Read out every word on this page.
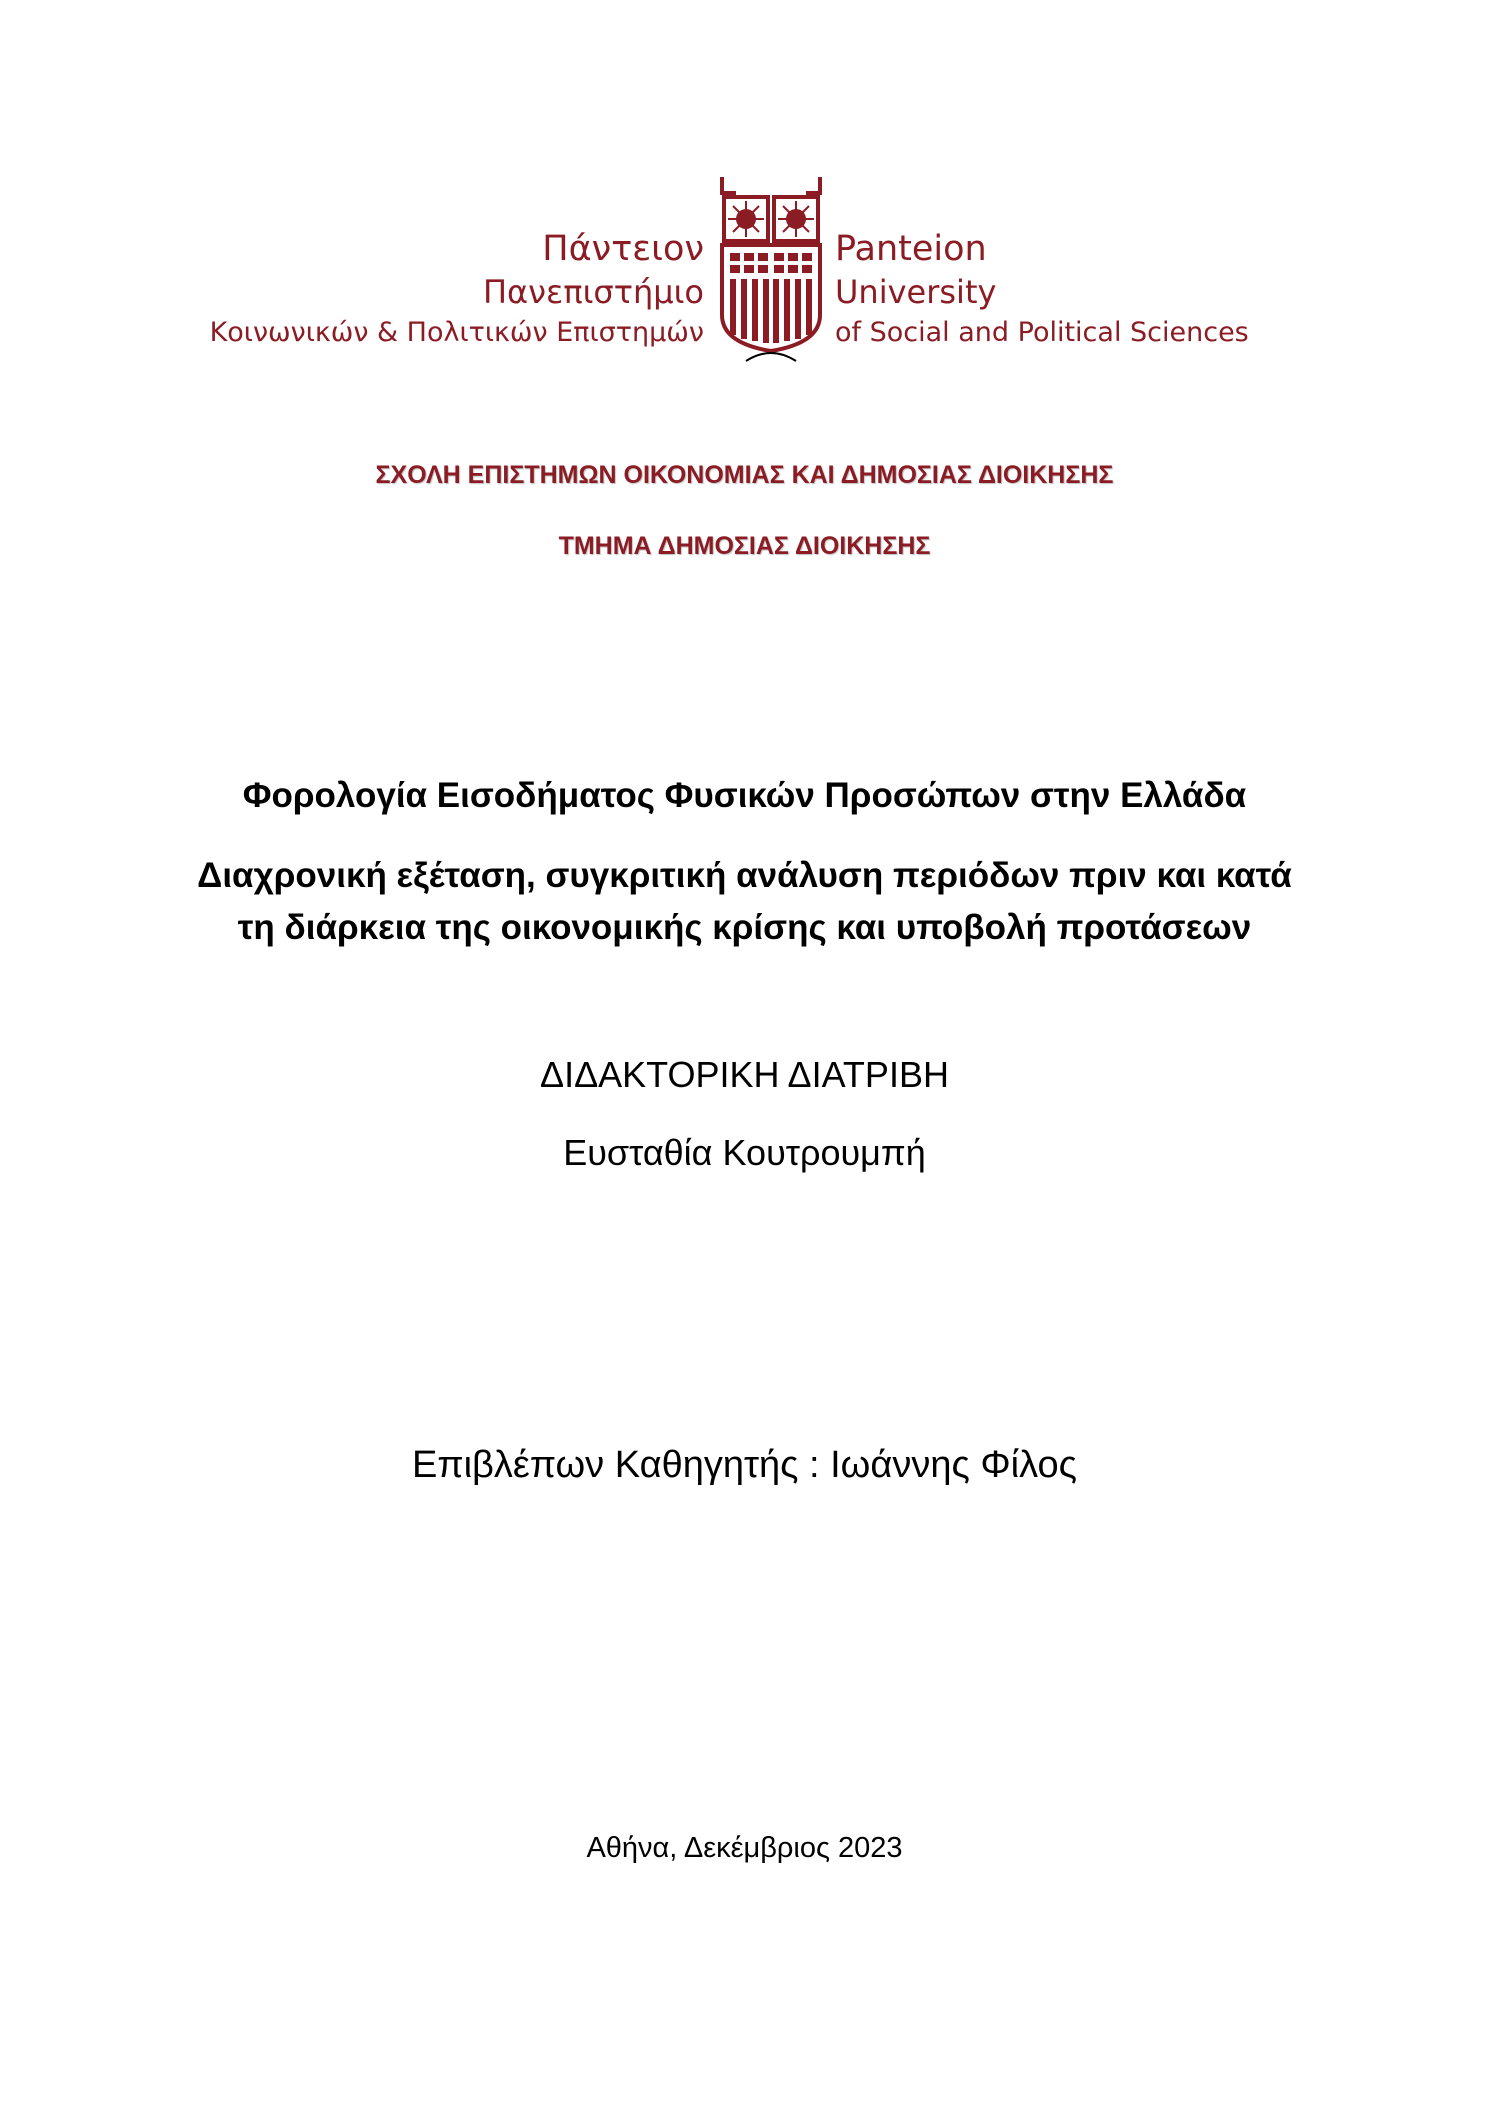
Πάντειον
Πανεπιστήμιο
Κοινωνικών & Πολιτικών Επιστημών
Panteion
University
of Social and Political Sciences
ΣΧΟΛΗ ΕΠΙΣΤΗΜΩΝ ΟΙΚΟΝΟΜΙΑΣ ΚΑΙ ΔΗΜΟΣΙΑΣ ΔΙΟΙΚΗΣΗΣ
ΤΜΗΜΑ ΔΗΜΟΣΙΑΣ ΔΙΟΙΚΗΣΗΣ
Φορολογία Εισοδήματος Φυσικών Προσώπων στην Ελλάδα
Διαχρονική εξέταση, συγκριτική ανάλυση περιόδων πριν και κατά
τη διάρκεια της οικονομικής κρίσης και υποβολή προτάσεων
ΔΙΔΑΚΤΟΡΙΚΗ ΔΙΑΤΡΙΒΗ
Ευσταθία Κουτρουμπή
Επιβλέπων Καθηγητής : Ιωάννης Φίλος
Αθήνα, Δεκέμβριος 2023
